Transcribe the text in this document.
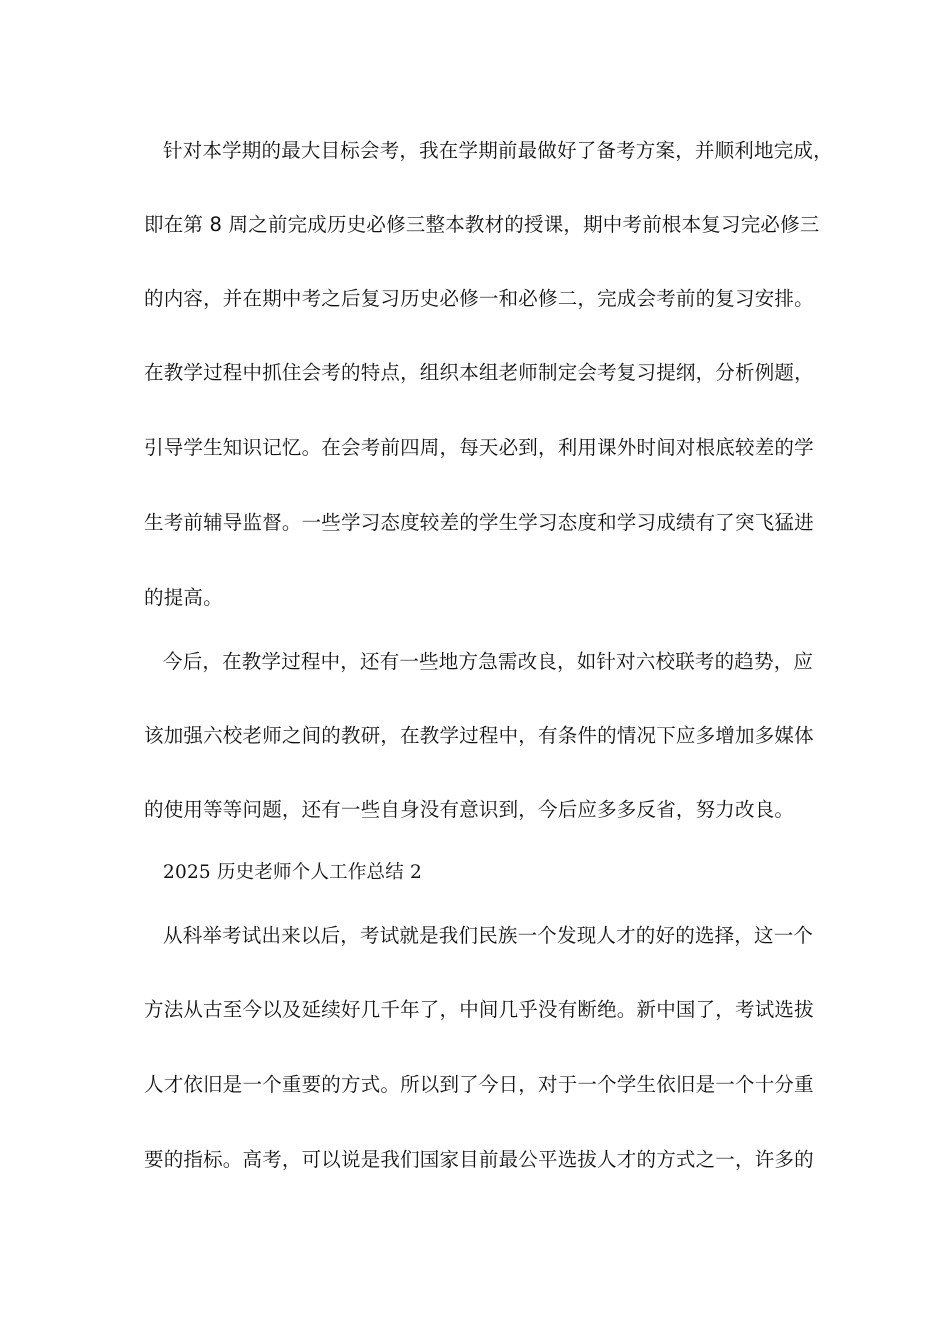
针对本学期的最大目标会考，我在学期前最做好了备考方案，并顺利地完成，
即在第 8 周之前完成历史必修三整本教材的授课，期中考前根本复习完必修三
的内容，并在期中考之后复习历史必修一和必修二，完成会考前的复习安排。
在教学过程中抓住会考的特点，组织本组老师制定会考复习提纲，分析例题，
引导学生知识记忆。在会考前四周，每天必到，利用课外时间对根底较差的学
生考前辅导监督。一些学习态度较差的学生学习态度和学习成绩有了突飞猛进
的提高。
今后，在教学过程中，还有一些地方急需改良，如针对六校联考的趋势，应
该加强六校老师之间的教研，在教学过程中，有条件的情况下应多增加多媒体
的使用等等问题，还有一些自身没有意识到，今后应多多反省，努力改良。
2025 历史老师个人工作总结 2
从科举考试出来以后，考试就是我们民族一个发现人才的好的选择，这一个
方法从古至今以及延续好几千年了，中间几乎没有断绝。新中国了，考试选拔
人才依旧是一个重要的方式。所以到了今日，对于一个学生依旧是一个十分重
要的指标。高考，可以说是我们国家目前最公平选拔人才的方式之一，许多的
